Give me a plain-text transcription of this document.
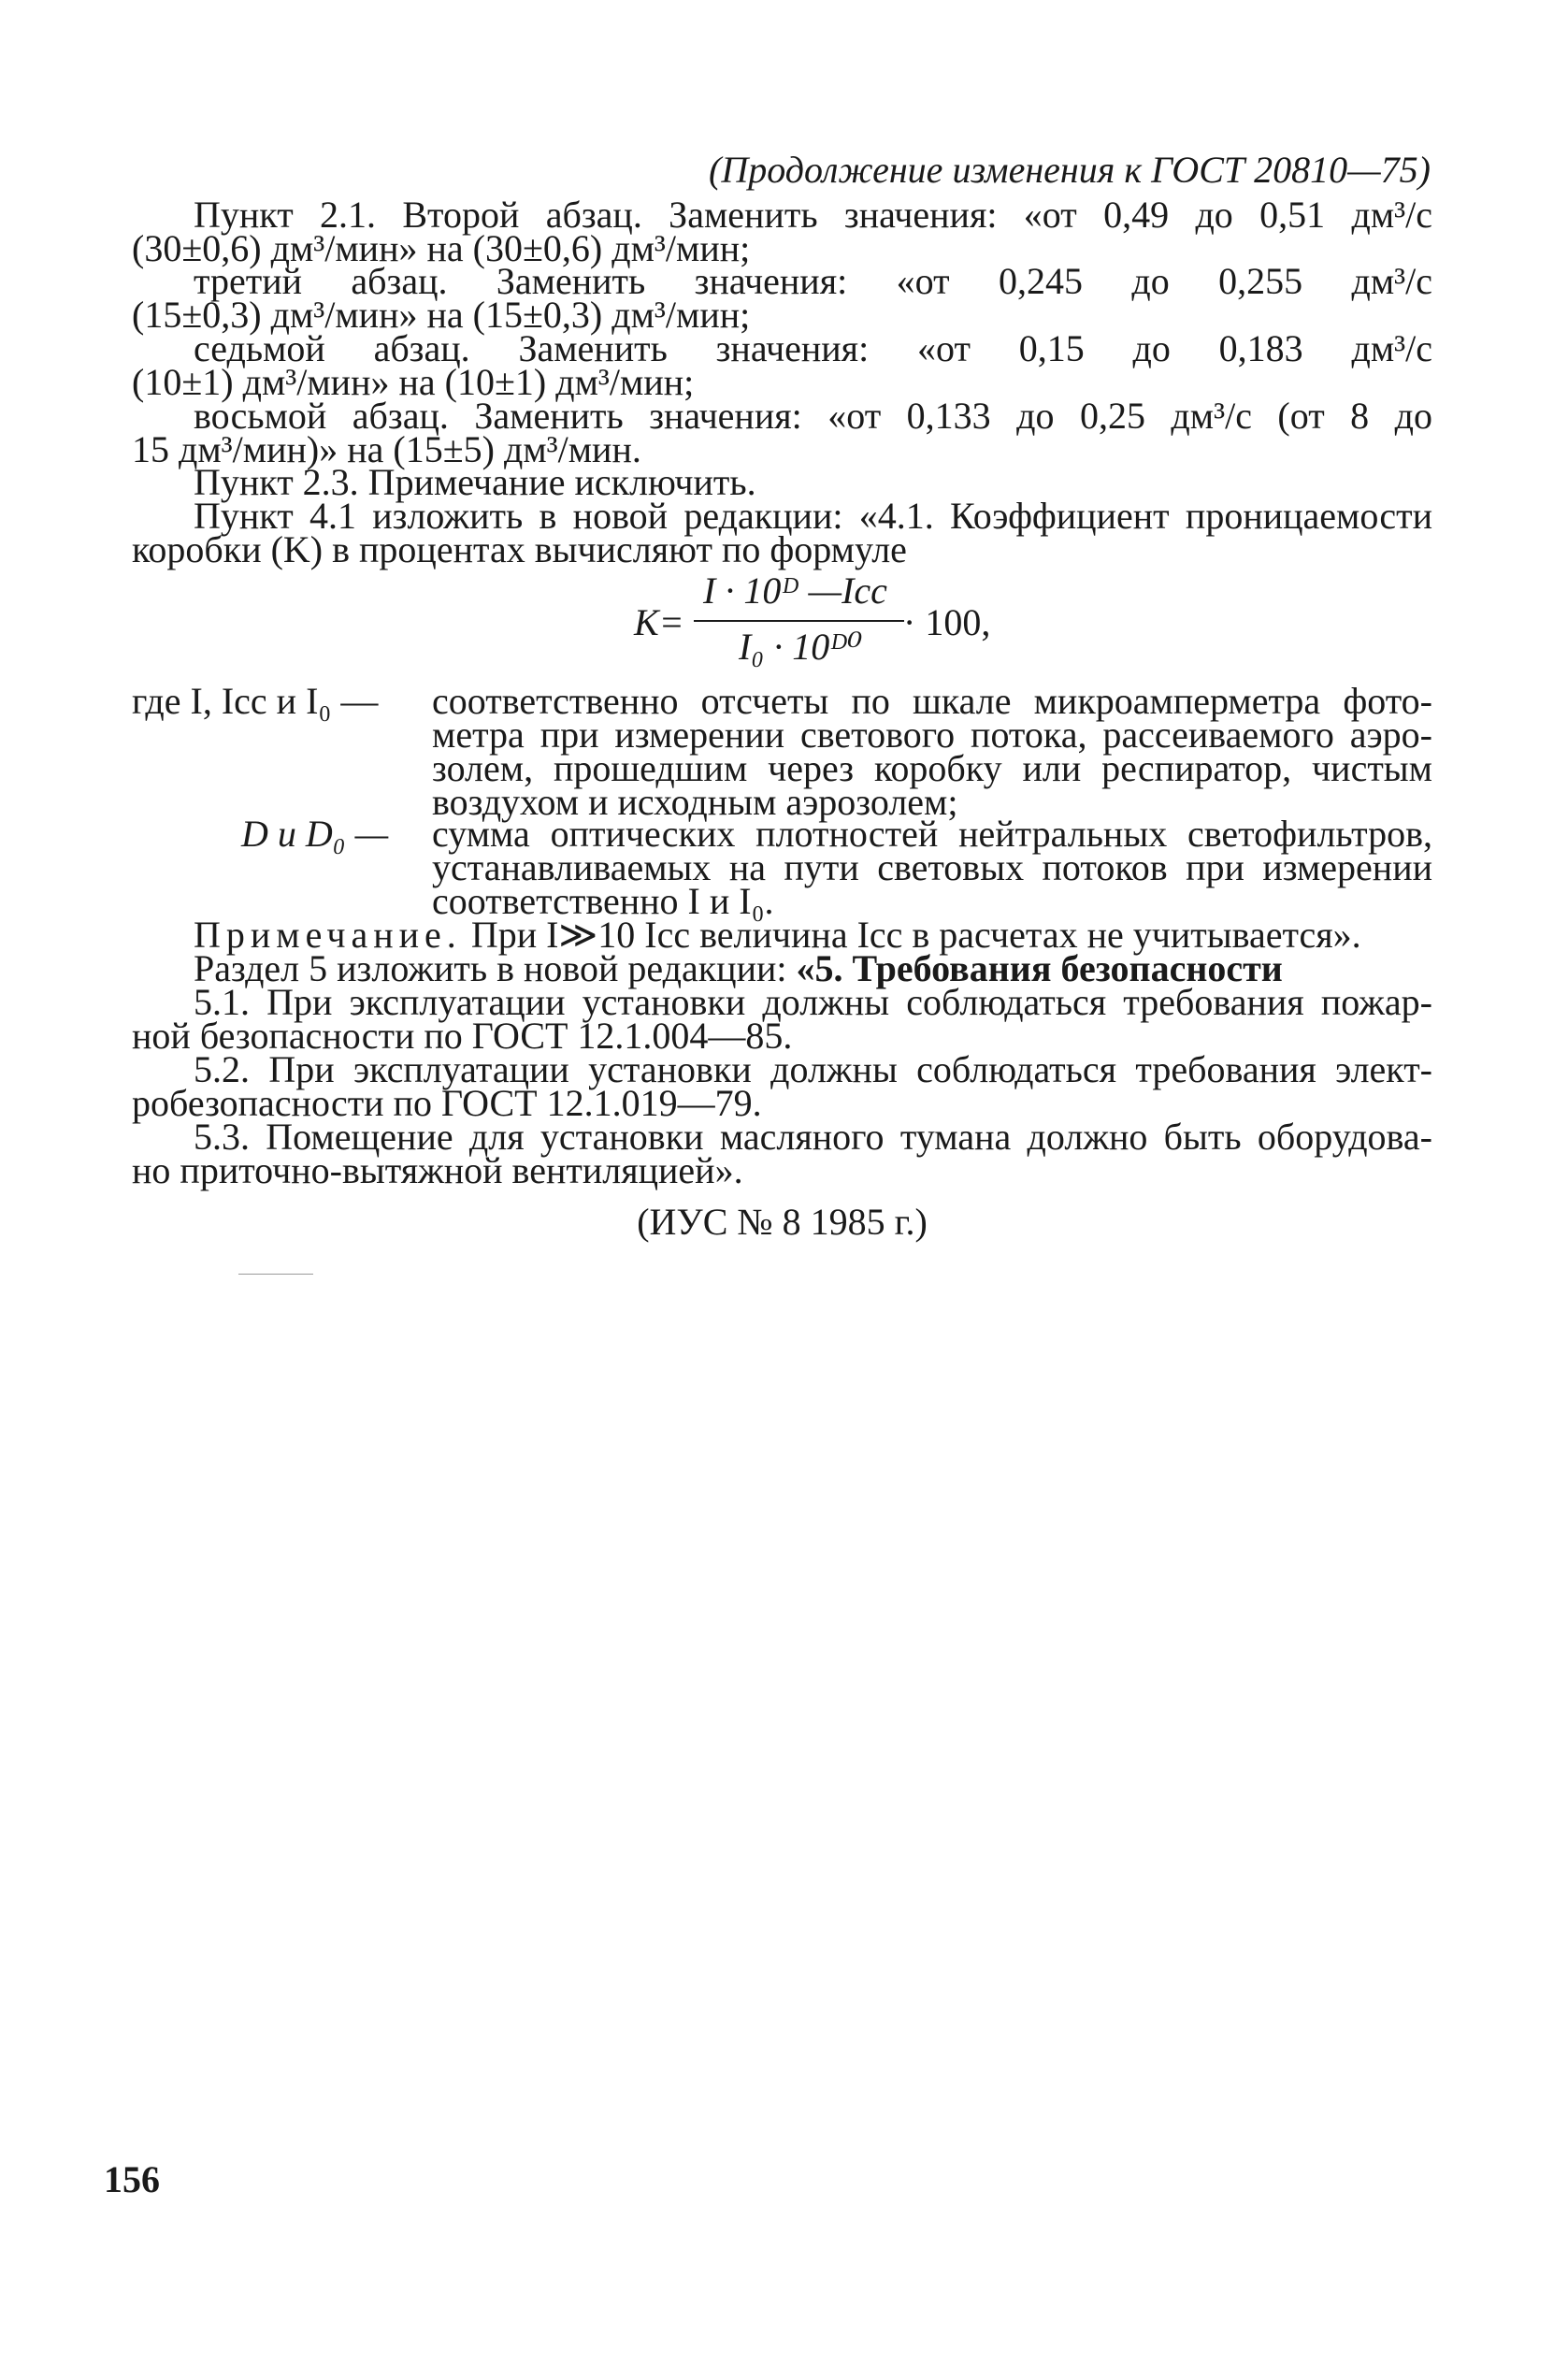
(Продолжение изменения к ГОСТ 20810—75)
Пункт 2.1. Второй абзац. Заменить значения: «от 0,49 до 0,51 дм³/с
(30±0,6) дм³/мин» на (30±0,6) дм³/мин;
третий абзац. Заменить значения: «от 0,245 до 0,255 дм³/с
(15±0,3) дм³/мин» на (15±0,3) дм³/мин;
седьмой абзац. Заменить значения: «от 0,15 до 0,183 дм³/с
(10±1) дм³/мин» на (10±1) дм³/мин;
восьмой абзац. Заменить значения: «от 0,133 до 0,25 дм³/с (от 8 до
15 дм³/мин)» на (15±5) дм³/мин.
Пункт 2.3. Примечание исключить.
Пункт 4.1 изложить в новой редакции: «4.1. Коэффициент проницаемости
коробки (K) в процентах вычисляют по формуле
K=
I · 10ᴰ —Iсс
I₀ · 10ᴰ⁰
· 100,
где I, Iсс и I₀ — соответственно отсчеты по шкале микроамперметра фото-
метра при измерении светового потока, рассеиваемого аэро-
золем, прошедшим через коробку или респиратор, чистым
воздухом и исходным аэрозолем;
D и D₀ — сумма оптических плотностей нейтральных светофильтров,
устанавливаемых на пути световых потоков при измерении
соответственно I и I₀.
Примечание. При I≫10 Iсс величина Iсс в расчетах не учитывается».
Раздел 5 изложить в новой редакции: «5. Требования безопасности
5.1. При эксплуатации установки должны соблюдаться требования пожар-
ной безопасности по ГОСТ 12.1.004—85.
5.2. При эксплуатации установки должны соблюдаться требования элект-
робезопасности по ГОСТ 12.1.019—79.
5.3. Помещение для установки масляного тумана должно быть оборудова-
но приточно-вытяжной вентиляцией».
(ИУС № 8 1985 г.)
156
